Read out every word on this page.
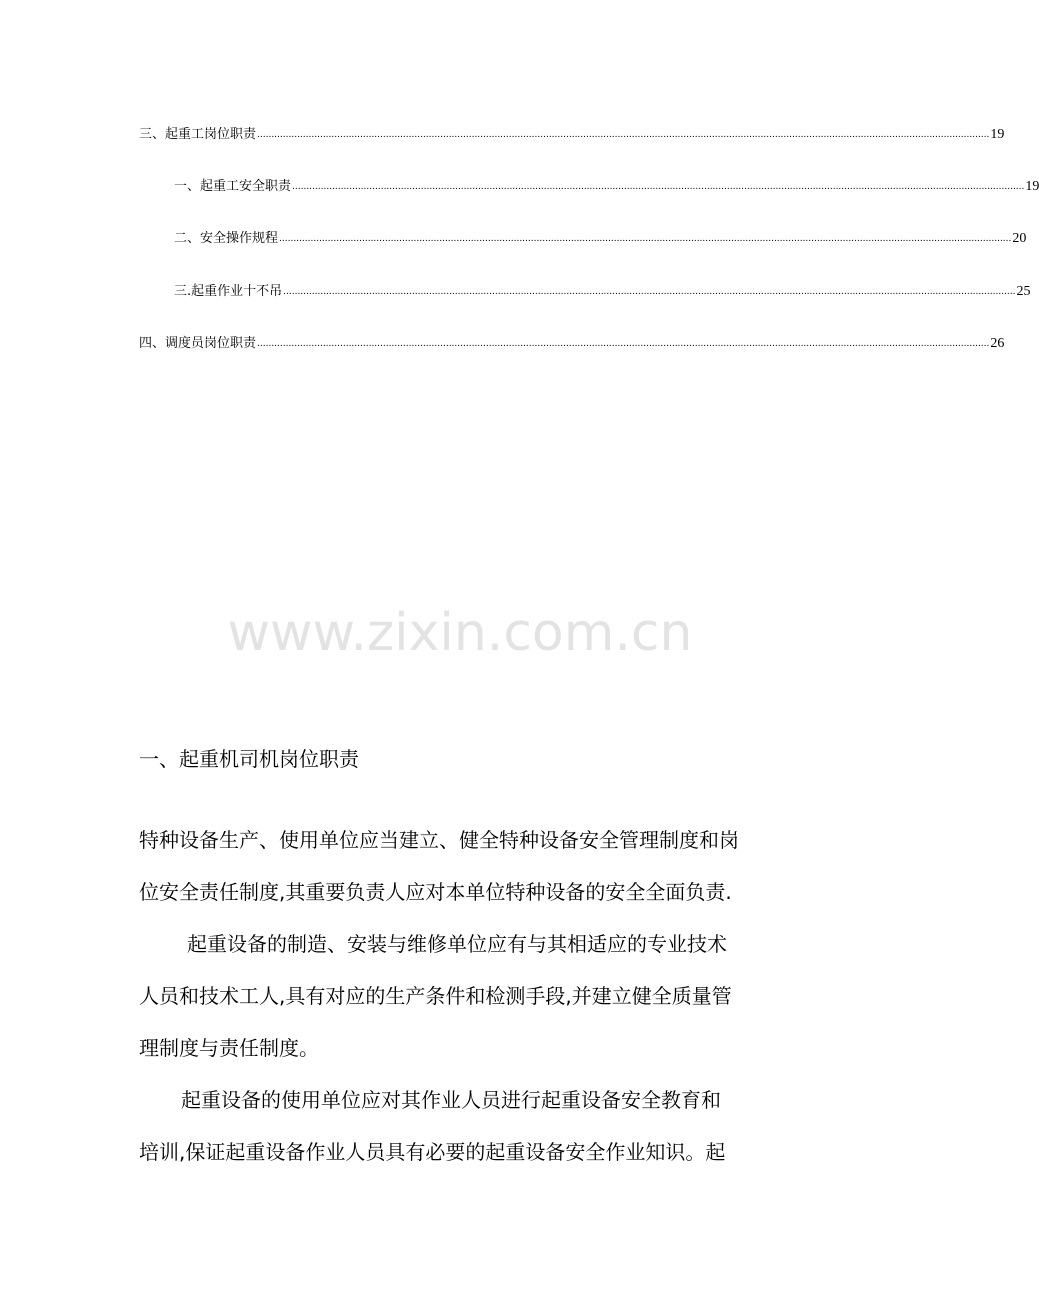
三、起重工岗位职责 ................................................................................................................................................................................................................................................................ 19
一、起重工安全职责 ................................................................................................................................................................................................................................................................ 19
二、安全操作规程 ................................................................................................................................................................................................................................................................ 20
三.起重作业十不吊 ................................................................................................................................................................................................................................................................ 25
四、调度员岗位职责 ................................................................................................................................................................................................................................................................ 26
www.zixin.com.cn
一、起重机司机岗位职责
特种设备生产、使用单位应当建立、健全特种设备安全管理制度和岗
位安全责任制度,其重要负责人应对本单位特种设备的安全全面负责.
起重设备的制造、安装与维修单位应有与其相适应的专业技术
人员和技术工人,具有对应的生产条件和检测手段,并建立健全质量管
理制度与责任制度。
起重设备的使用单位应对其作业人员进行起重设备安全教育和
培训,保证起重设备作业人员具有必要的起重设备安全作业知识。起
